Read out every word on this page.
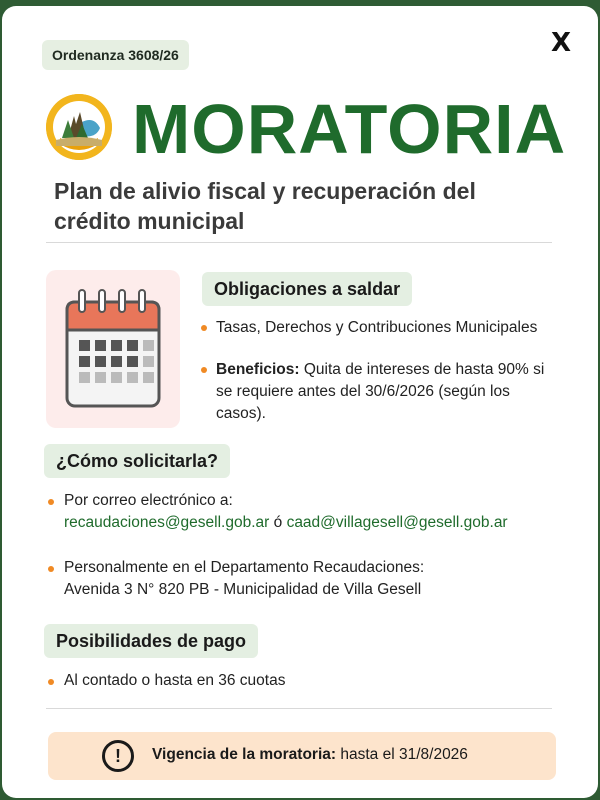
X
Ordenanza 3608/26
MORATORIA
Plan de alivio fiscal y recuperación del crédito municipal
Obligaciones a saldar
Tasas, Derechos y Contribuciones Municipales
Beneficios: Quita de intereses de hasta 90% si
se requiere antes del 30/6/2026 (según los
casos).
¿Cómo solicitarla?
Por correo electrónico a:
recaudaciones@gesell.gob.ar ó caad@villagesell@gesell.gob.ar
Personalmente en el Departamento Recaudaciones:
Avenida 3 N° 820 PB - Municipalidad de Villa Gesell
Posibilidades de pago
Al contado o hasta en 36 cuotas
!	Vigencia de la moratoria: hasta el 31/8/2026
